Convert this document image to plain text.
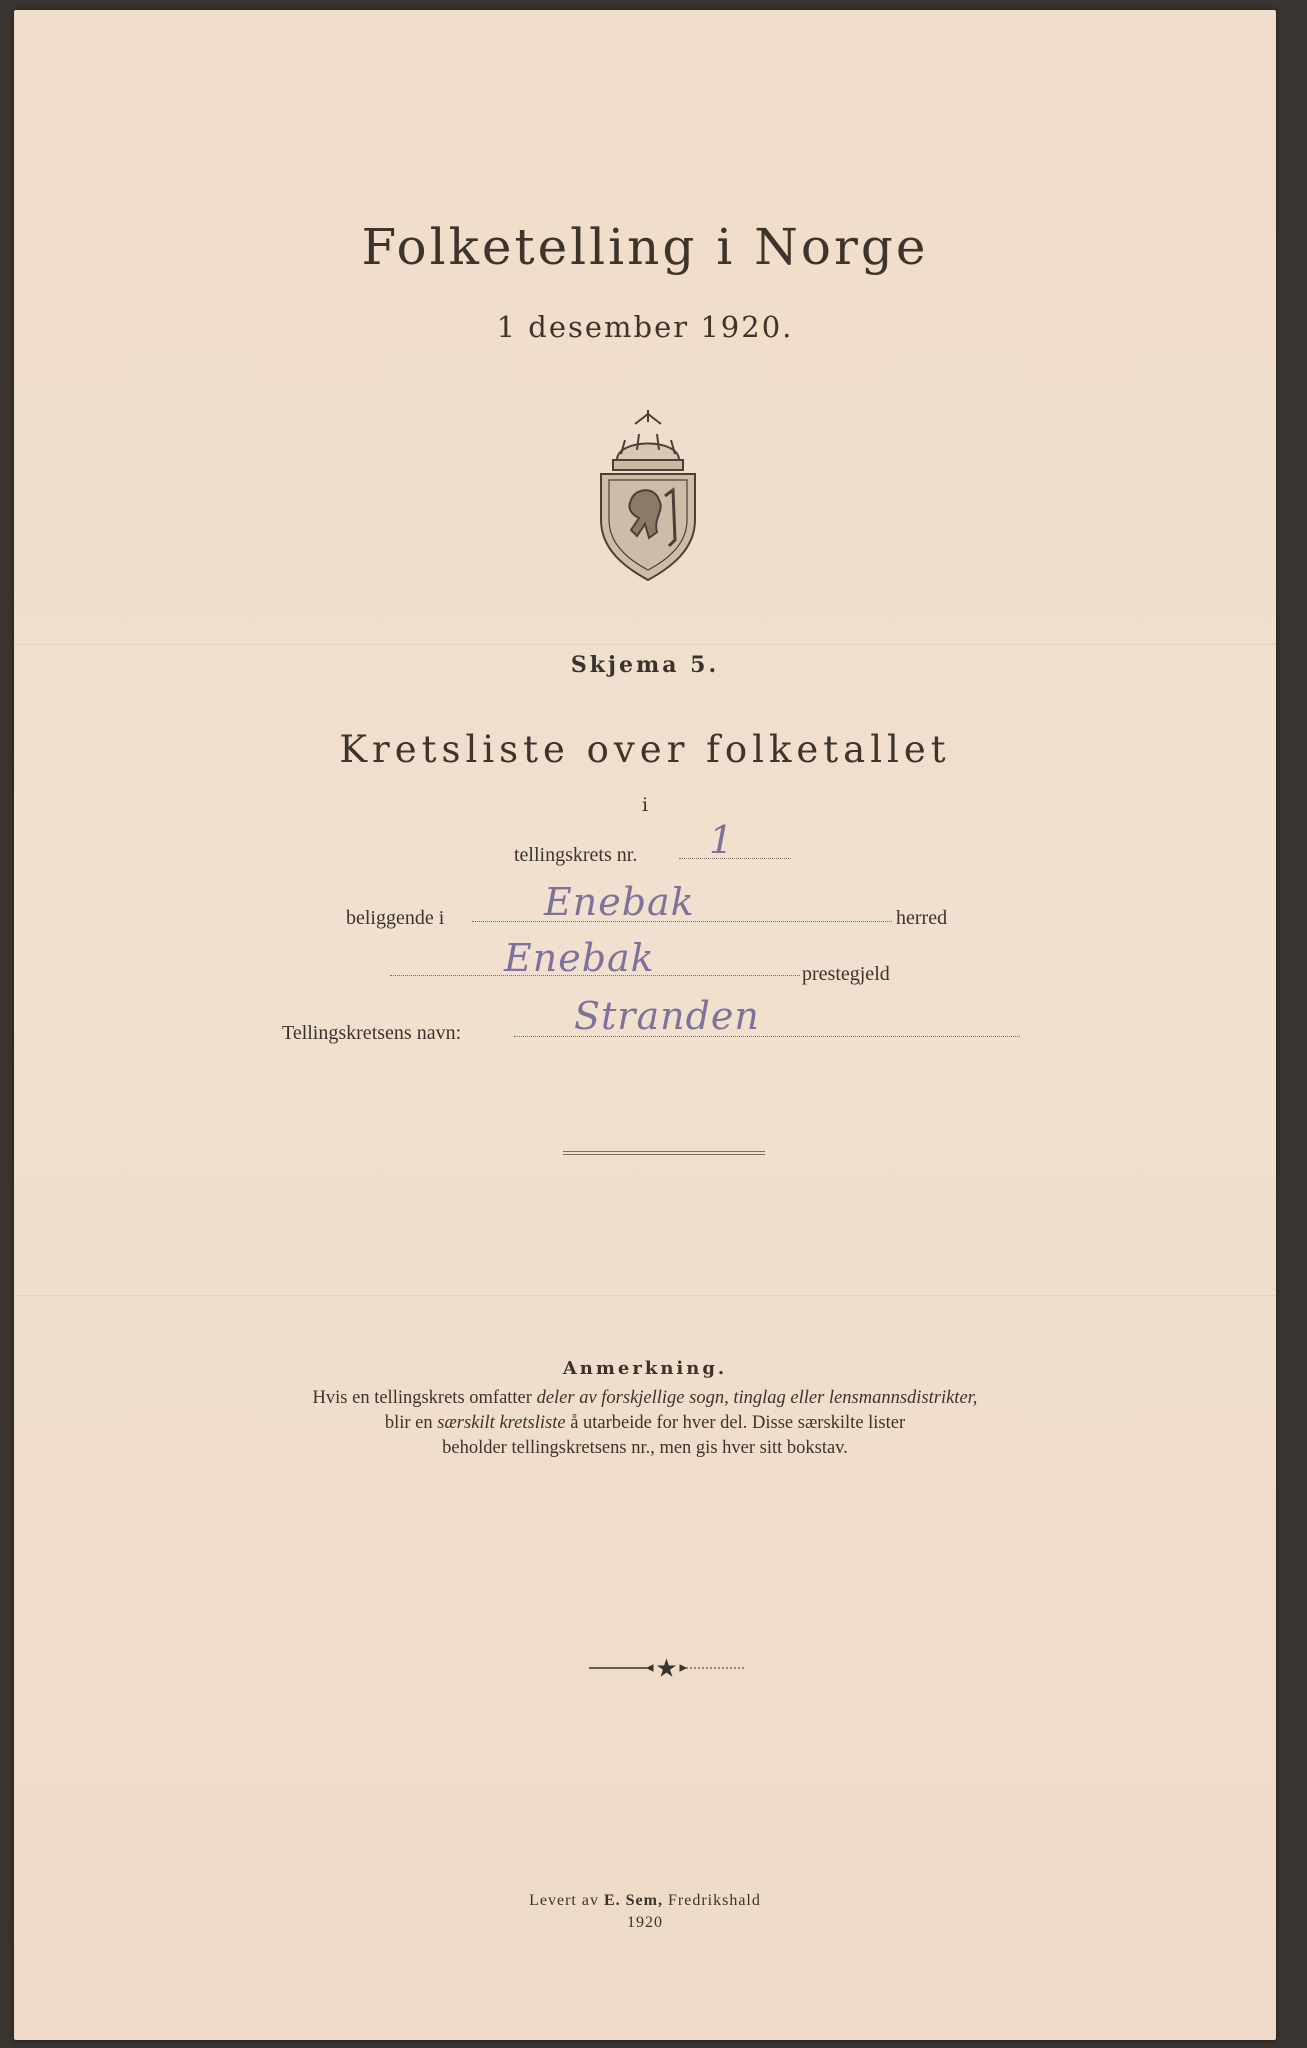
Folketelling i Norge
1 desember 1920.
Skjema 5.
Kretsliste over folketallet
i
tellingskrets nr. 1
beliggende i	Enebak	herred
Enebak	prestegjeld
Tellingskretsens navn:	Stranden
Anmerkning.
Hvis en tellingskrets omfatter deler av forskjellige sogn, tinglag eller lensmannsdistrikter,
blir en særskilt kretsliste å utarbeide for hver del. Disse særskilte lister
beholder tellingskretsens nr., men gis hver sitt bokstav.
Levert av E. Sem, Fredrikshald
1920
